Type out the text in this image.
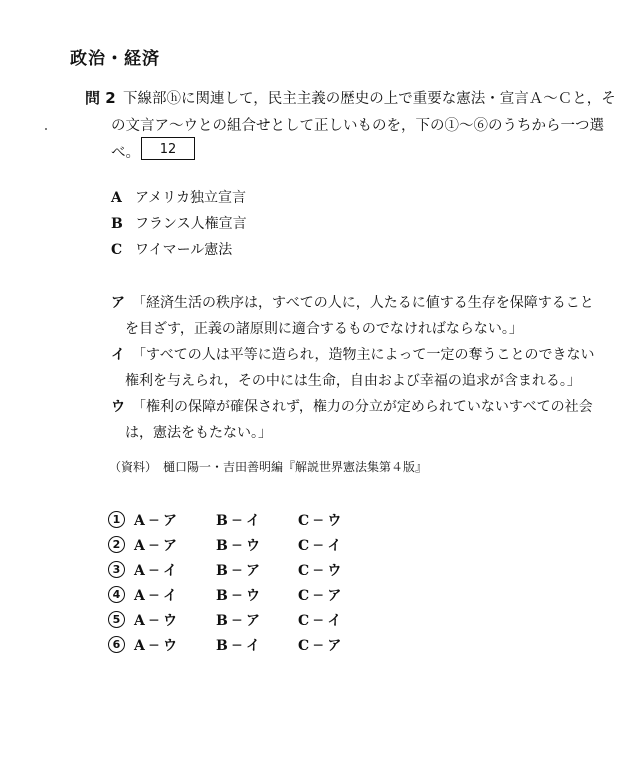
政治・経済
問 2 下線部ⓗに関連して，民主主義の歴史の上で重要な憲法・宣言Ａ～Ｃと，そ
の文言ア～ウとの組合せとして正しいものを，下の①～⑥のうちから一つ選
べ。	12
A アメリカ独立宣言
B フランス人権宣言
C ワイマール憲法
ア 「経済生活の秩序は，すべての人に，人たるに値する生存を保障すること
を目ざす，正義の諸原則に適合するものでなければならない。」
イ 「すべての人は平等に造られ，造物主によって一定の奪うことのできない
権利を与えられ，その中には生命，自由および幸福の追求が含まれる。」
ウ 「権利の保障が確保されず，権力の分立が定められていないすべての社会
は，憲法をもたない。」
（資料）　樋口陽一・吉田善明編『解説世界憲法集第４版』
1 A ─ ア	B ─ イ	C ─ ウ
2 A ─ ア	B ─ ウ	C ─ イ
3 A ─ イ	B ─ ア	C ─ ウ
4 A ─ イ	B ─ ウ	C ─ ア
5 A ─ ウ	B ─ ア	C ─ イ
6 A ─ ウ	B ─ イ	C ─ ア
